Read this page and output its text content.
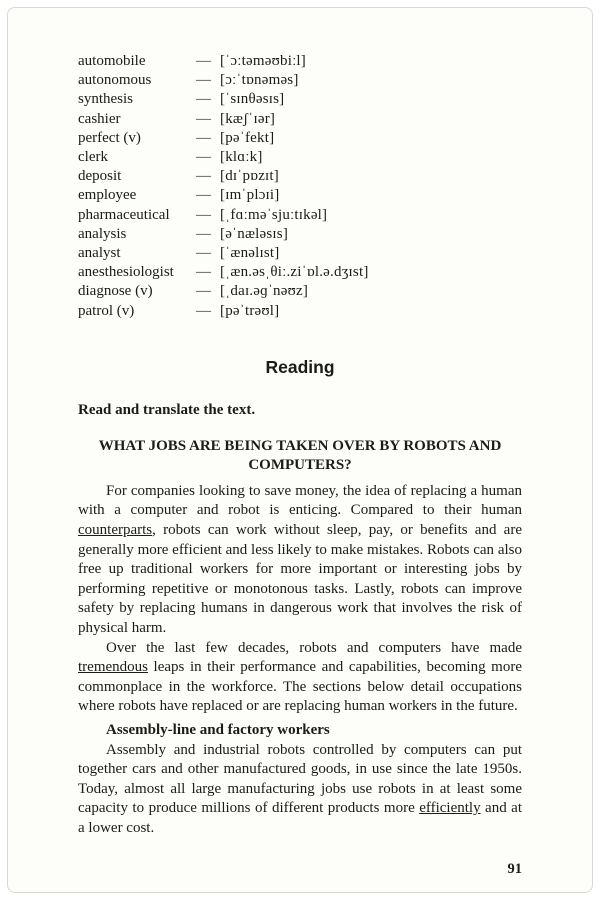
automobile	— [ˈɔːtəməʊbiːl]
autonomous	— [ɔːˈtɒnəməs]
synthesis	— [ˈsɪnθəsɪs]
cashier	— [kæʃˈɪər]
perfect (v)	— [pəˈfekt]
clerk	— [klɑːk]
deposit	— [dɪˈpɒzɪt]
employee	— [ɪmˈplɔɪi]
pharmaceutical	— [ˌfɑːməˈsjuːtɪkəl]
analysis	— [əˈnæləsɪs]
analyst	— [ˈænəlɪst]
anesthesiologist	— [ˌæn.əsˌθiː.ziˈɒl.ə.dʒɪst]
diagnose (v)	— [ˌdaɪ.əɡˈnəʊz]
patrol (v)	— [pəˈtrəʊl]
Reading

Read and translate the text.

WHAT JOBS ARE BEING TAKEN OVER BY ROBOTS AND COMPUTERS?

For companies looking to save money, the idea of replacing a human with a computer and robot is enticing. Compared to their human counterparts, robots can work without sleep, pay, or benefits and are generally more efficient and less likely to make mistakes. Robots can also free up traditional workers for more important or interesting jobs by performing repetitive or monotonous tasks. Lastly, robots can improve safety by replacing humans in dangerous work that involves the risk of physical harm.

Over the last few decades, robots and computers have made tremendous leaps in their performance and capabilities, becoming more commonplace in the workforce. The sections below detail occupations where robots have replaced or are replacing human workers in the future.

Assembly-line and factory workers

Assembly and industrial robots controlled by computers can put together cars and other manufactured goods, in use since the late 1950s. Today, almost all large manufacturing jobs use robots in at least some capacity to produce millions of different products more efficiently and at a lower cost.

91
